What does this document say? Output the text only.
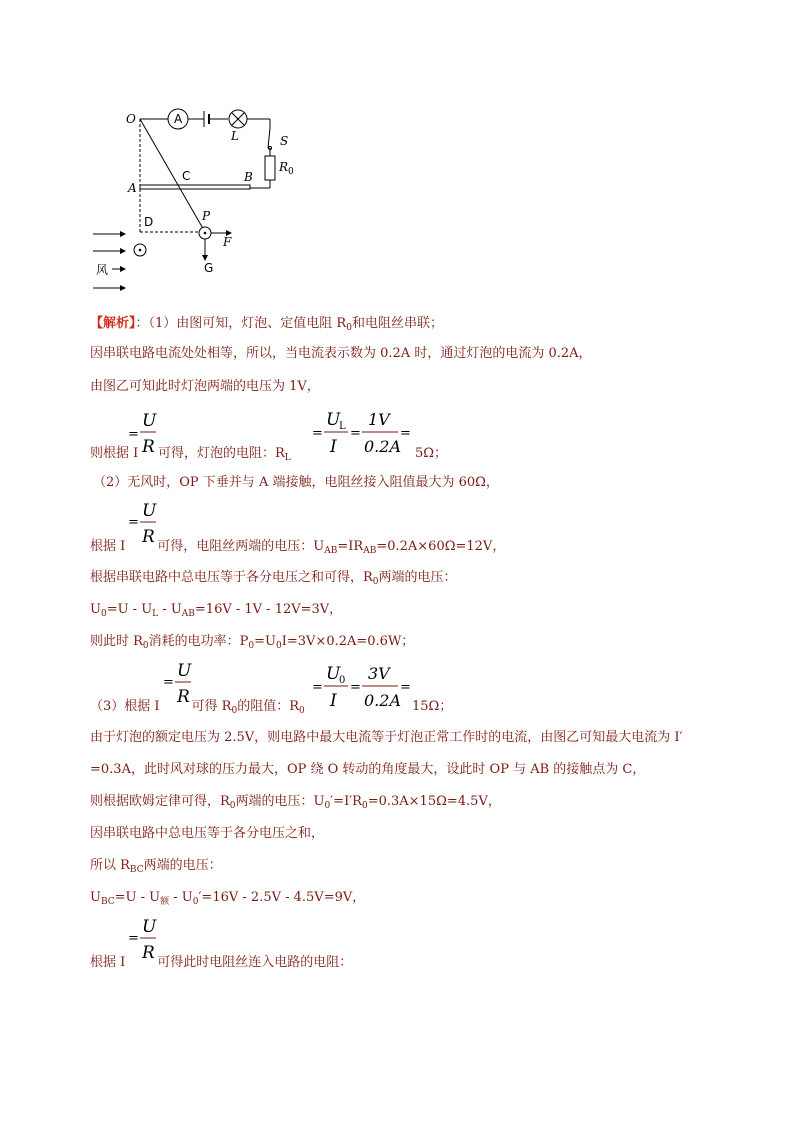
A
L	S
$R_0$
A
B
C
O
D	P
F
G
风
【解析】：（1）由图可知，灯泡、定值电阻 $R_0$和电阻丝串联；
因串联电路电流处处相等，所以，当电流表示数为 0.2A 时，通过灯泡的电流为 0.2A，
由图乙可知此时灯泡两端的电压为 1V，
则根据 I
=
U
R 可得，灯泡的电阻：$R_L$
=
U
L
I
=
1V
0.2A
=
5Ω；
（2）无风时，OP 下垂并与 A 端接触，电阻丝接入阻值最大为 60Ω，
=
U
R
根据 I 可得，电阻丝两端的电压：$U_{AB}=IR_{AB}=0.2A\times 60\Omega=12V$，
根据串联电路中总电压等于各分电压之和可得，$R_0$两端的电压：
$U_0=U - U_L - U_{AB}=16V - 1V - 12V=3V$，
则此时 $R_0$消耗的电功率：$P_0=U_0I=3V\times 0.2A=0.6W$；
=
U
R
（3）根据 I 可得 $R_0$的阻值：$R_0$
=
U
0
I
=
3V
0.2A
=
15Ω；
由于灯泡的额定电压为 2.5V，则电路中最大电流等于灯泡正常工作时的电流，由图乙可知最大电流为 I′
=0.3A，此时风对球的压力最大，OP 绕 O 转动的角度最大，设此时 OP 与 AB 的接触点为 C，
则根据欧姆定律可得，$R_0$两端的电压：$U_0'=I'R_0=0.3A\times 15\Omega=4.5V$，
因串联电路中总电压等于各分电压之和，
所以 $R_{BC}$两端的电压：
$U_{BC}=U - U_额 - U_0'=16V - 2.5V - 4.5V=9V$，
=
U
R
根据 I 可得此时电阻丝连入电路的电阻：
